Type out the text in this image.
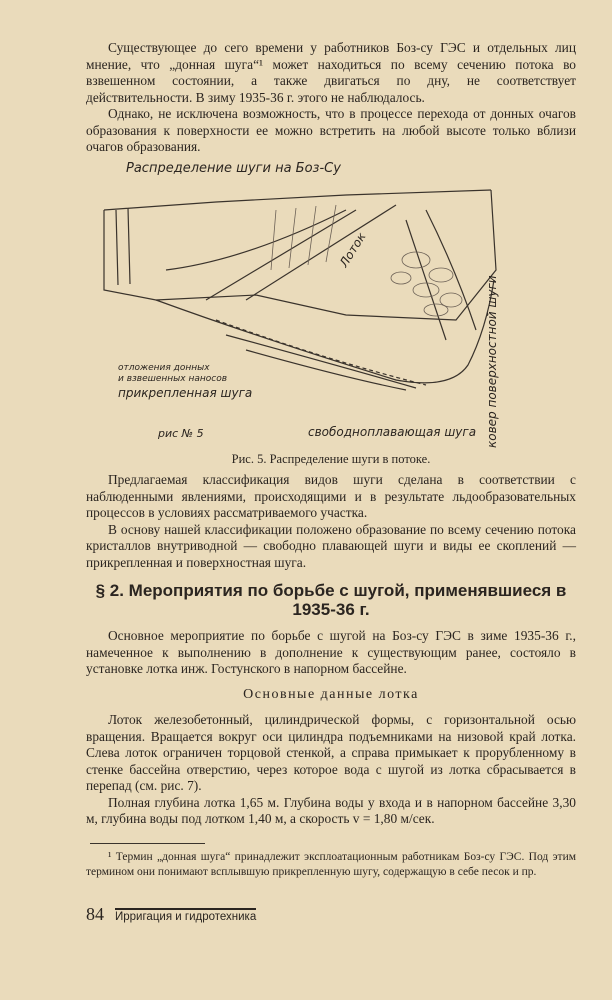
Существующее до сего времени у работников Боз-су ГЭС и отдельных лиц мнение, что „донная шуга“¹ может находиться по всему сечению потока во взвешенном состоянии, а также двигаться по дну, не соответствует действительности. В зиму 1935-36 г. этого не наблюдалось.

Однако, не исключена возможность, что в процессе перехода от донных очагов образования к поверхности ее можно встретить на любой высоте только вблизи очагов образования.

Распределение шуги на Боз-Су
Лоток
отложения донных
и взвешенных наносов
прикрепленная шуга
рис № 5	свободноплавающая шуга ковер поверхностной шуги
Рис. 5. Распределение шуги в потоке.

Предлагаемая классификация видов шуги сделана в соответствии с наблюденными явлениями, происходящими и в результате льдообразовательных процессов в условиях рассматриваемого участка.

В основу нашей классификации положено образование по всему сечению потока кристаллов внутриводной — свободно плавающей шуги и виды ее скоплений — прикрепленная и поверхностная шуга.

§ 2. Мероприятия по борьбе с шугой, применявшиеся в 1935-36 г.

Основное мероприятие по борьбе с шугой на Боз-су ГЭС в зиме 1935-36 г., намеченное к выполнению в дополнение к существующим ранее, состояло в установке лотка инж. Гостунского в напорном бассейне.

Основные данные лотка

Лоток железобетонный, цилиндрической формы, с горизонтальной осью вращения. Вращается вокруг оси цилиндра подъемниками на низовой край лотка. Слева лоток ограничен торцовой стенкой, а справа примыкает к прорубленному в стенке бассейна отверстию, через которое вода с шугой из лотка сбрасывается в перепад (см. рис. 7).

Полная глубина лотка 1,65 м. Глубина воды у входа и в напорном бассейне 3,30 м, глубина воды под лотком 1,40 м, а скорость v = 1,80 м/сек.

¹ Термин „донная шуга“ принадлежит эксплоатационным работникам Боз-су ГЭС. Под этим термином они понимают всплывшую прикрепленную шугу, содержащую в себе песок и пр.

84 Ирригация и гидротехника
